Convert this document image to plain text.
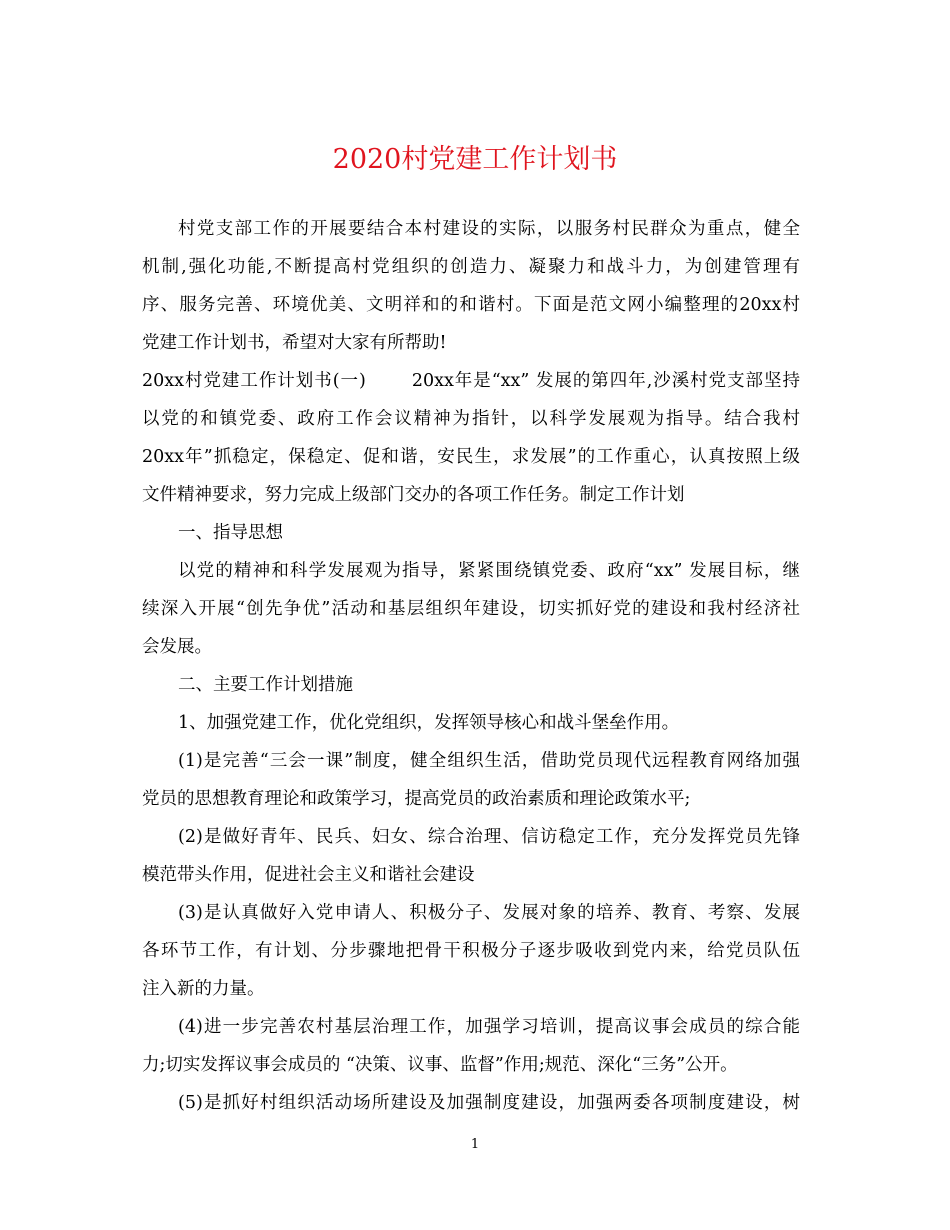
2020村党建工作计划书
村党支部工作的开展要结合本村建设的实际，以服务村民群众为重点，健全
机制,强化功能,不断提高村党组织的创造力、凝聚力和战斗力，为创建管理有
序、服务完善、环境优美、文明祥和的和谐村。下面是范文网小编整理的20xx村
党建工作计划书，希望对大家有所帮助!
20xx村党建工作计划书(一)	20xx年是“xx” 发展的第四年,沙溪村党支部坚持
以党的和镇党委、政府工作会议精神为指针，以科学发展观为指导。结合我村
20xx年”抓稳定，保稳定、促和谐，安民生，求发展”的工作重心，认真按照上级
文件精神要求，努力完成上级部门交办的各项工作任务。制定工作计划
一、指导思想
以党的精神和科学发展观为指导，紧紧围绕镇党委、政府“xx” 发展目标，继
续深入开展“创先争优”活动和基层组织年建设，切实抓好党的建设和我村经济社
会发展。
二、主要工作计划措施
1、加强党建工作，优化党组织，发挥领导核心和战斗堡垒作用。
(1)是完善“三会一课”制度，健全组织生活，借助党员现代远程教育网络加强
党员的思想教育理论和政策学习，提高党员的政治素质和理论政策水平;
(2)是做好青年、民兵、妇女、综合治理、信访稳定工作，充分发挥党员先锋
模范带头作用，促进社会主义和谐社会建设
(3)是认真做好入党申请人、积极分子、发展对象的培养、教育、考察、发展
各环节工作，有计划、分步骤地把骨干积极分子逐步吸收到党内来，给党员队伍
注入新的力量。
(4)进一步完善农村基层治理工作，加强学习培训，提高议事会成员的综合能
力;切实发挥议事会成员的 “决策、议事、监督”作用;规范、深化“三务”公开。
(5)是抓好村组织活动场所建设及加强制度建设，加强两委各项制度建设，树
1
